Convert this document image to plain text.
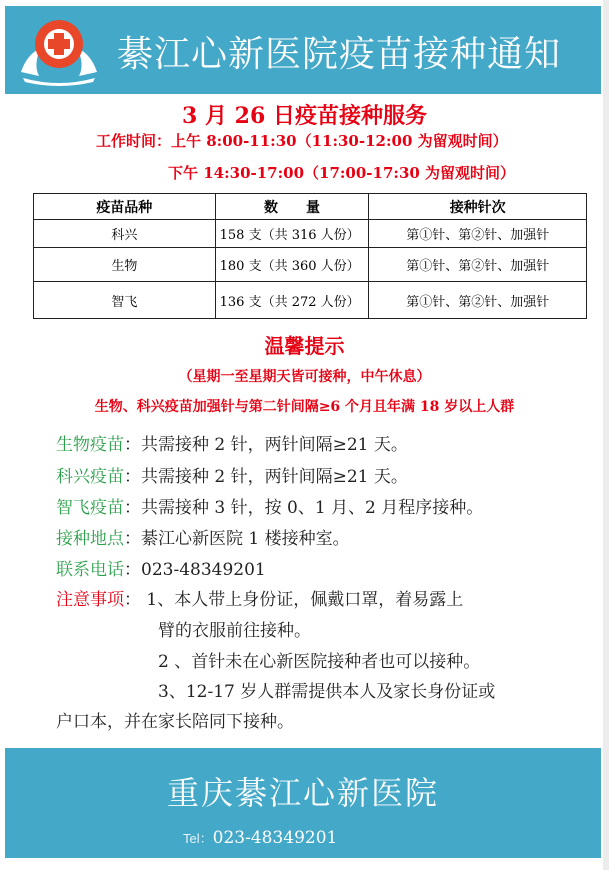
綦江心新医院疫苗接种通知
3 月 26 日疫苗接种服务
工作时间：上午 8:00-11:30（11:30-12:00 为留观时间）
下午 14:30-17:00（17:00-17:30 为留观时间）
疫苗品种	数　　量	接种针次
科兴	158 支（共 316 人份）	第①针、第②针、加强针
生物	180 支（共 360 人份）	第①针、第②针、加强针
智飞	136 支（共 272 人份）	第①针、第②针、加强针
温馨提示
（星期一至星期天皆可接种，中午休息）
生物、科兴疫苗加强针与第二针间隔≥6 个月且年满 18 岁以上人群
生物疫苗：共需接种 2 针，两针间隔≥21 天。
科兴疫苗：共需接种 2 针，两针间隔≥21 天。
智飞疫苗：共需接种 3 针，按 0、1 月、2 月程序接种。
接种地点：綦江心新医院 1 楼接种室。
联系电话：023-48349201
注意事项： 1、本人带上身份证，佩戴口罩，着易露上
臂的衣服前往接种。
2 、首针未在心新医院接种者也可以接种。
3、12-17 岁人群需提供本人及家长身份证或
户口本，并在家长陪同下接种。
重庆綦江心新医院
Tel：023-48349201
